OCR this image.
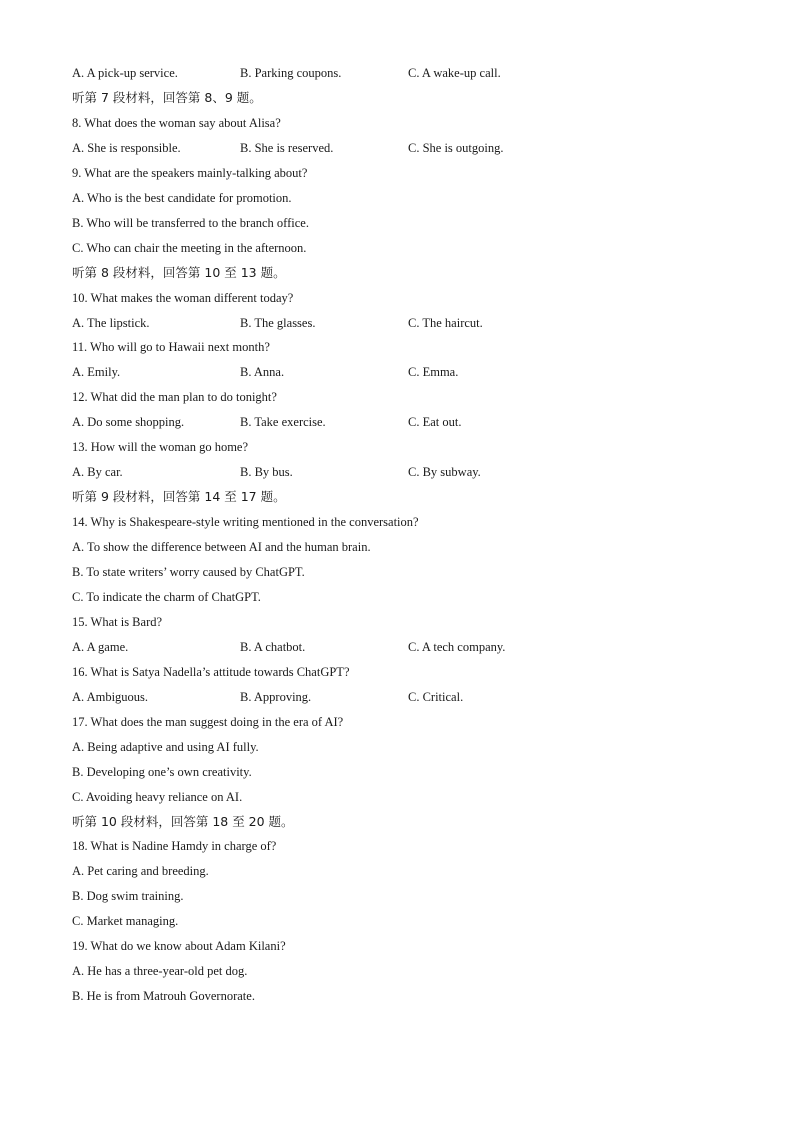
A. A pick-up service.	B. Parking coupons.	C. A wake-up call.
听第 7 段材料，回答第 8、9 题。
8. What does the woman say about Alisa?
A. She is responsible.	B. She is reserved.	C. She is outgoing.
9. What are the speakers mainly-talking about?
A. Who is the best candidate for promotion.
B. Who will be transferred to the branch office.
C. Who can chair the meeting in the afternoon.
听第 8 段材料，回答第 10 至 13 题。
10. What makes the woman different today?
A. The lipstick.	B. The glasses.	C. The haircut.
11. Who will go to Hawaii next month?
A. Emily.	B. Anna.	C. Emma.
12. What did the man plan to do tonight?
A. Do some shopping.	B. Take exercise.	C. Eat out.
13. How will the woman go home?
A. By car.	B. By bus.	C. By subway.
听第 9 段材料，回答第 14 至 17 题。
14. Why is Shakespeare-style writing mentioned in the conversation?
A. To show the difference between AI and the human brain.
B. To state writers’ worry caused by ChatGPT.
C. To indicate the charm of ChatGPT.
15. What is Bard?
A. A game.	B. A chatbot.	C. A tech company.
16. What is Satya Nadella’s attitude towards ChatGPT?
A. Ambiguous.	B. Approving.	C. Critical.
17. What does the man suggest doing in the era of AI?
A. Being adaptive and using AI fully.
B. Developing one’s own creativity.
C. Avoiding heavy reliance on AI.
听第 10 段材料，回答第 18 至 20 题。
18. What is Nadine Hamdy in charge of?
A. Pet caring and breeding.
B. Dog swim training.
C. Market managing.
19. What do we know about Adam Kilani?
A. He has a three-year-old pet dog.
B. He is from Matrouh Governorate.
